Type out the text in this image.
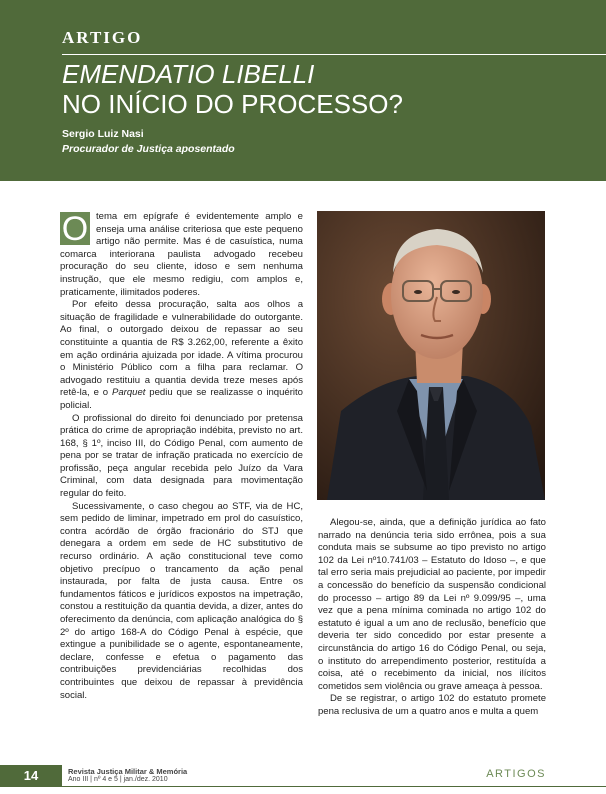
ARTIGO
EMENDATIO LIBELLI
NO INÍCIO DO PROCESSO?
Sergio Luiz Nasi
Procurador de Justiça aposentado

O tema em epígrafe é evidentemente amplo e enseja uma análise criteriosa que este pequeno artigo não permite. Mas é de casuística, numa comarca interiorana paulista advogado recebeu procuração do seu cliente, idoso e sem nenhuma instrução, que ele mesmo redigiu, com amplos e, praticamente, ilimitados poderes.

Por efeito dessa procuração, salta aos olhos a situação de fragilidade e vulnerabilidade do outorgante. Ao final, o outorgado deixou de repassar ao seu constituinte a quantia de R$ 3.262,00, referente a êxito em ação ordinária ajuizada por idade. A vítima procurou o Ministério Público com a filha para reclamar. O advogado restituiu a quantia devida treze meses após retê-la, e o Parquet pediu que se realizasse o inquérito policial.

O profissional do direito foi denunciado por pretensa prática do crime de apropriação indébita, previsto no art. 168, § 1º, inciso III, do Código Penal, com aumento de pena por se tratar de infração praticada no exercício de profissão, peça angular recebida pelo Juízo da Vara Criminal, com data designada para movimentação regular do feito.

Sucessivamente, o caso chegou ao STF, via de HC, sem pedido de liminar, impetrado em prol do casuístico, contra acórdão de órgão fracionário do STJ que denegara a ordem em sede de HC substitutivo de recurso ordinário. A ação constitucional teve como objetivo precípuo o trancamento da ação penal instaurada, por falta de justa causa. Entre os fundamentos fáticos e jurídicos expostos na impetração, constou a restituição da quantia devida, a dizer, antes do oferecimento da denúncia, com aplicação analógica do § 2º do artigo 168-A do Código Penal à espécie, que extingue a punibilidade se o agente, espontaneamente, declare, confesse e efetua o pagamento das contribuições previdenciárias recolhidas dos contribuintes que deixou de repassar à previdência social.

Alegou-se, ainda, que a definição jurídica ao fato narrado na denúncia teria sido errônea, pois a sua conduta mais se subsume ao tipo previsto no artigo 102 da Lei nº10.741/03 – Estatuto do Idoso –, e que tal erro seria mais prejudicial ao paciente, por impedir a concessão do benefício da suspensão condicional do processo – artigo 89 da Lei nº 9.099/95 –, uma vez que a pena mínima cominada no artigo 102 do estatuto é igual a um ano de reclusão, benefício que deveria ter sido concedido por estar presente a circunstância do artigo 16 do Código Penal, ou seja, o instituto do arrependimento posterior, restituída a coisa, até o recebimento da inicial, nos ilícitos cometidos sem violência ou grave ameaça à pessoa.

De se registrar, o artigo 102 do estatuto promete pena reclusiva de um a quatro anos e multa a quem

14	Revista Justiça Militar & Memória
Ano III | nº 4 e 5 | jan./dez. 2010	ARTIGOS
